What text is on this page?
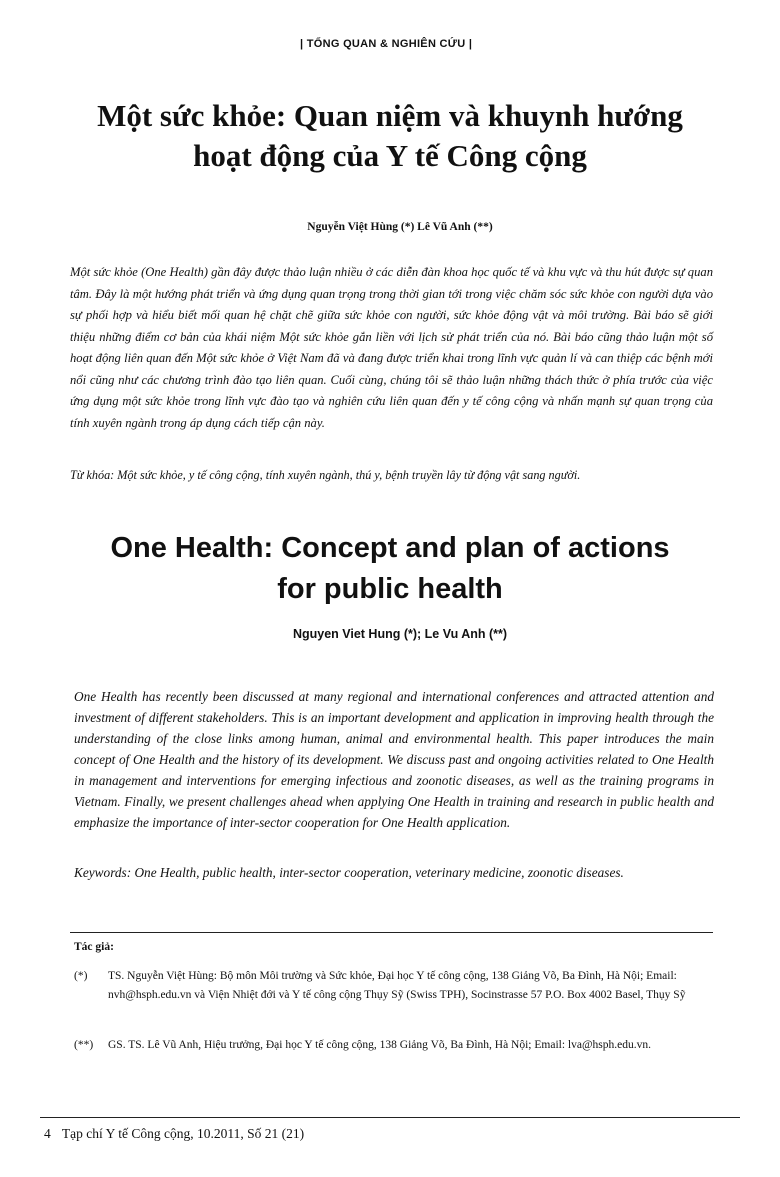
| TỔNG QUAN & NGHIÊN CỨU |
Một sức khỏe: Quan niệm và khuynh hướng
hoạt động của Y tế Công cộng
Nguyễn Việt Hùng (*) Lê Vũ Anh (**)

Một sức khỏe (One Health) gần đây được thảo luận nhiều ở các diễn đàn khoa học quốc tế và khu vực và thu hút được sự quan tâm. Đây là một hướng phát triển và ứng dụng quan trọng trong thời gian tới trong việc chăm sóc sức khỏe con người dựa vào sự phối hợp và hiểu biết mối quan hệ chặt chẽ giữa sức khỏe con người, sức khỏe động vật và môi trường. Bài báo sẽ giới thiệu những điểm cơ bản của khái niệm Một sức khỏe gắn liền với lịch sử phát triển của nó. Bài báo cũng thảo luận một số hoạt động liên quan đến Một sức khỏe ở Việt Nam đã và đang được triển khai trong lĩnh vực quản lí và can thiệp các bệnh mới nổi cũng như các chương trình đào tạo liên quan. Cuối cùng, chúng tôi sẽ thảo luận những thách thức ở phía trước của việc ứng dụng một sức khỏe trong lĩnh vực đào tạo và nghiên cứu liên quan đến y tế công cộng và nhấn mạnh sự quan trọng của tính xuyên ngành trong áp dụng cách tiếp cận này.

Từ khóa: Một sức khỏe, y tế công cộng, tính xuyên ngành, thú y, bệnh truyền lây từ động vật sang người.

One Health: Concept and plan of actions
for public health
Nguyen Viet Hung (*); Le Vu Anh (**)

One Health has recently been discussed at many regional and international conferences and attracted attention and investment of different stakeholders. This is an important development and application in improving health through the understanding of the close links among human, animal and environmental health. This paper introduces the main concept of One Health and the history of its development. We discuss past and ongoing activities related to One Health in management and interventions for emerging infectious and zoonotic diseases, as well as the training programs in Vietnam. Finally, we present challenges ahead when applying One Health in training and research in public health and emphasize the importance of inter-sector cooperation for One Health application.

Keywords: One Health, public health, inter-sector cooperation, veterinary medicine, zoonotic diseases.

Tác giả:
(*)	TS. Nguyễn Việt Hùng: Bộ môn Môi trường và Sức khỏe, Đại học Y tế công cộng, 138 Giảng Võ, Ba Đình, Hà Nội; Email: nvh@hsph.edu.vn và Viện Nhiệt đới và Y tế công cộng Thụy Sỹ (Swiss TPH), Socinstrasse 57 P.O. Box 4002 Basel, Thụy Sỹ
(**)	GS. TS. Lê Vũ Anh, Hiệu trưởng, Đại học Y tế công cộng, 138 Giảng Võ, Ba Đình, Hà Nội; Email: lva@hsph.edu.vn.
4 Tạp chí Y tế Công cộng, 10.2011, Số 21 (21)
